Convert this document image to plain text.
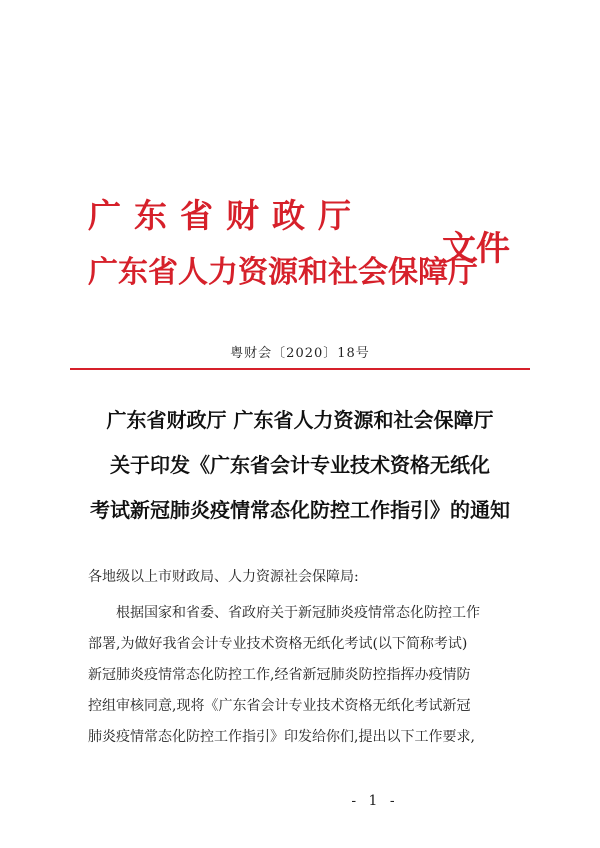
广东省财政厅
广东省人力资源和社会保障厅
文件
粤财会〔2020〕18号
广东省财政厅 广东省人力资源和社会保障厅
关于印发《广东省会计专业技术资格无纸化
考试新冠肺炎疫情常态化防控工作指引》的通知
各地级以上市财政局、人力资源社会保障局:
根据国家和省委、省政府关于新冠肺炎疫情常态化防控工作
部署,为做好我省会计专业技术资格无纸化考试(以下简称考试)
新冠肺炎疫情常态化防控工作,经省新冠肺炎防控指挥办疫情防
控组审核同意,现将《广东省会计专业技术资格无纸化考试新冠
肺炎疫情常态化防控工作指引》印发给你们,提出以下工作要求,
- 1 -
